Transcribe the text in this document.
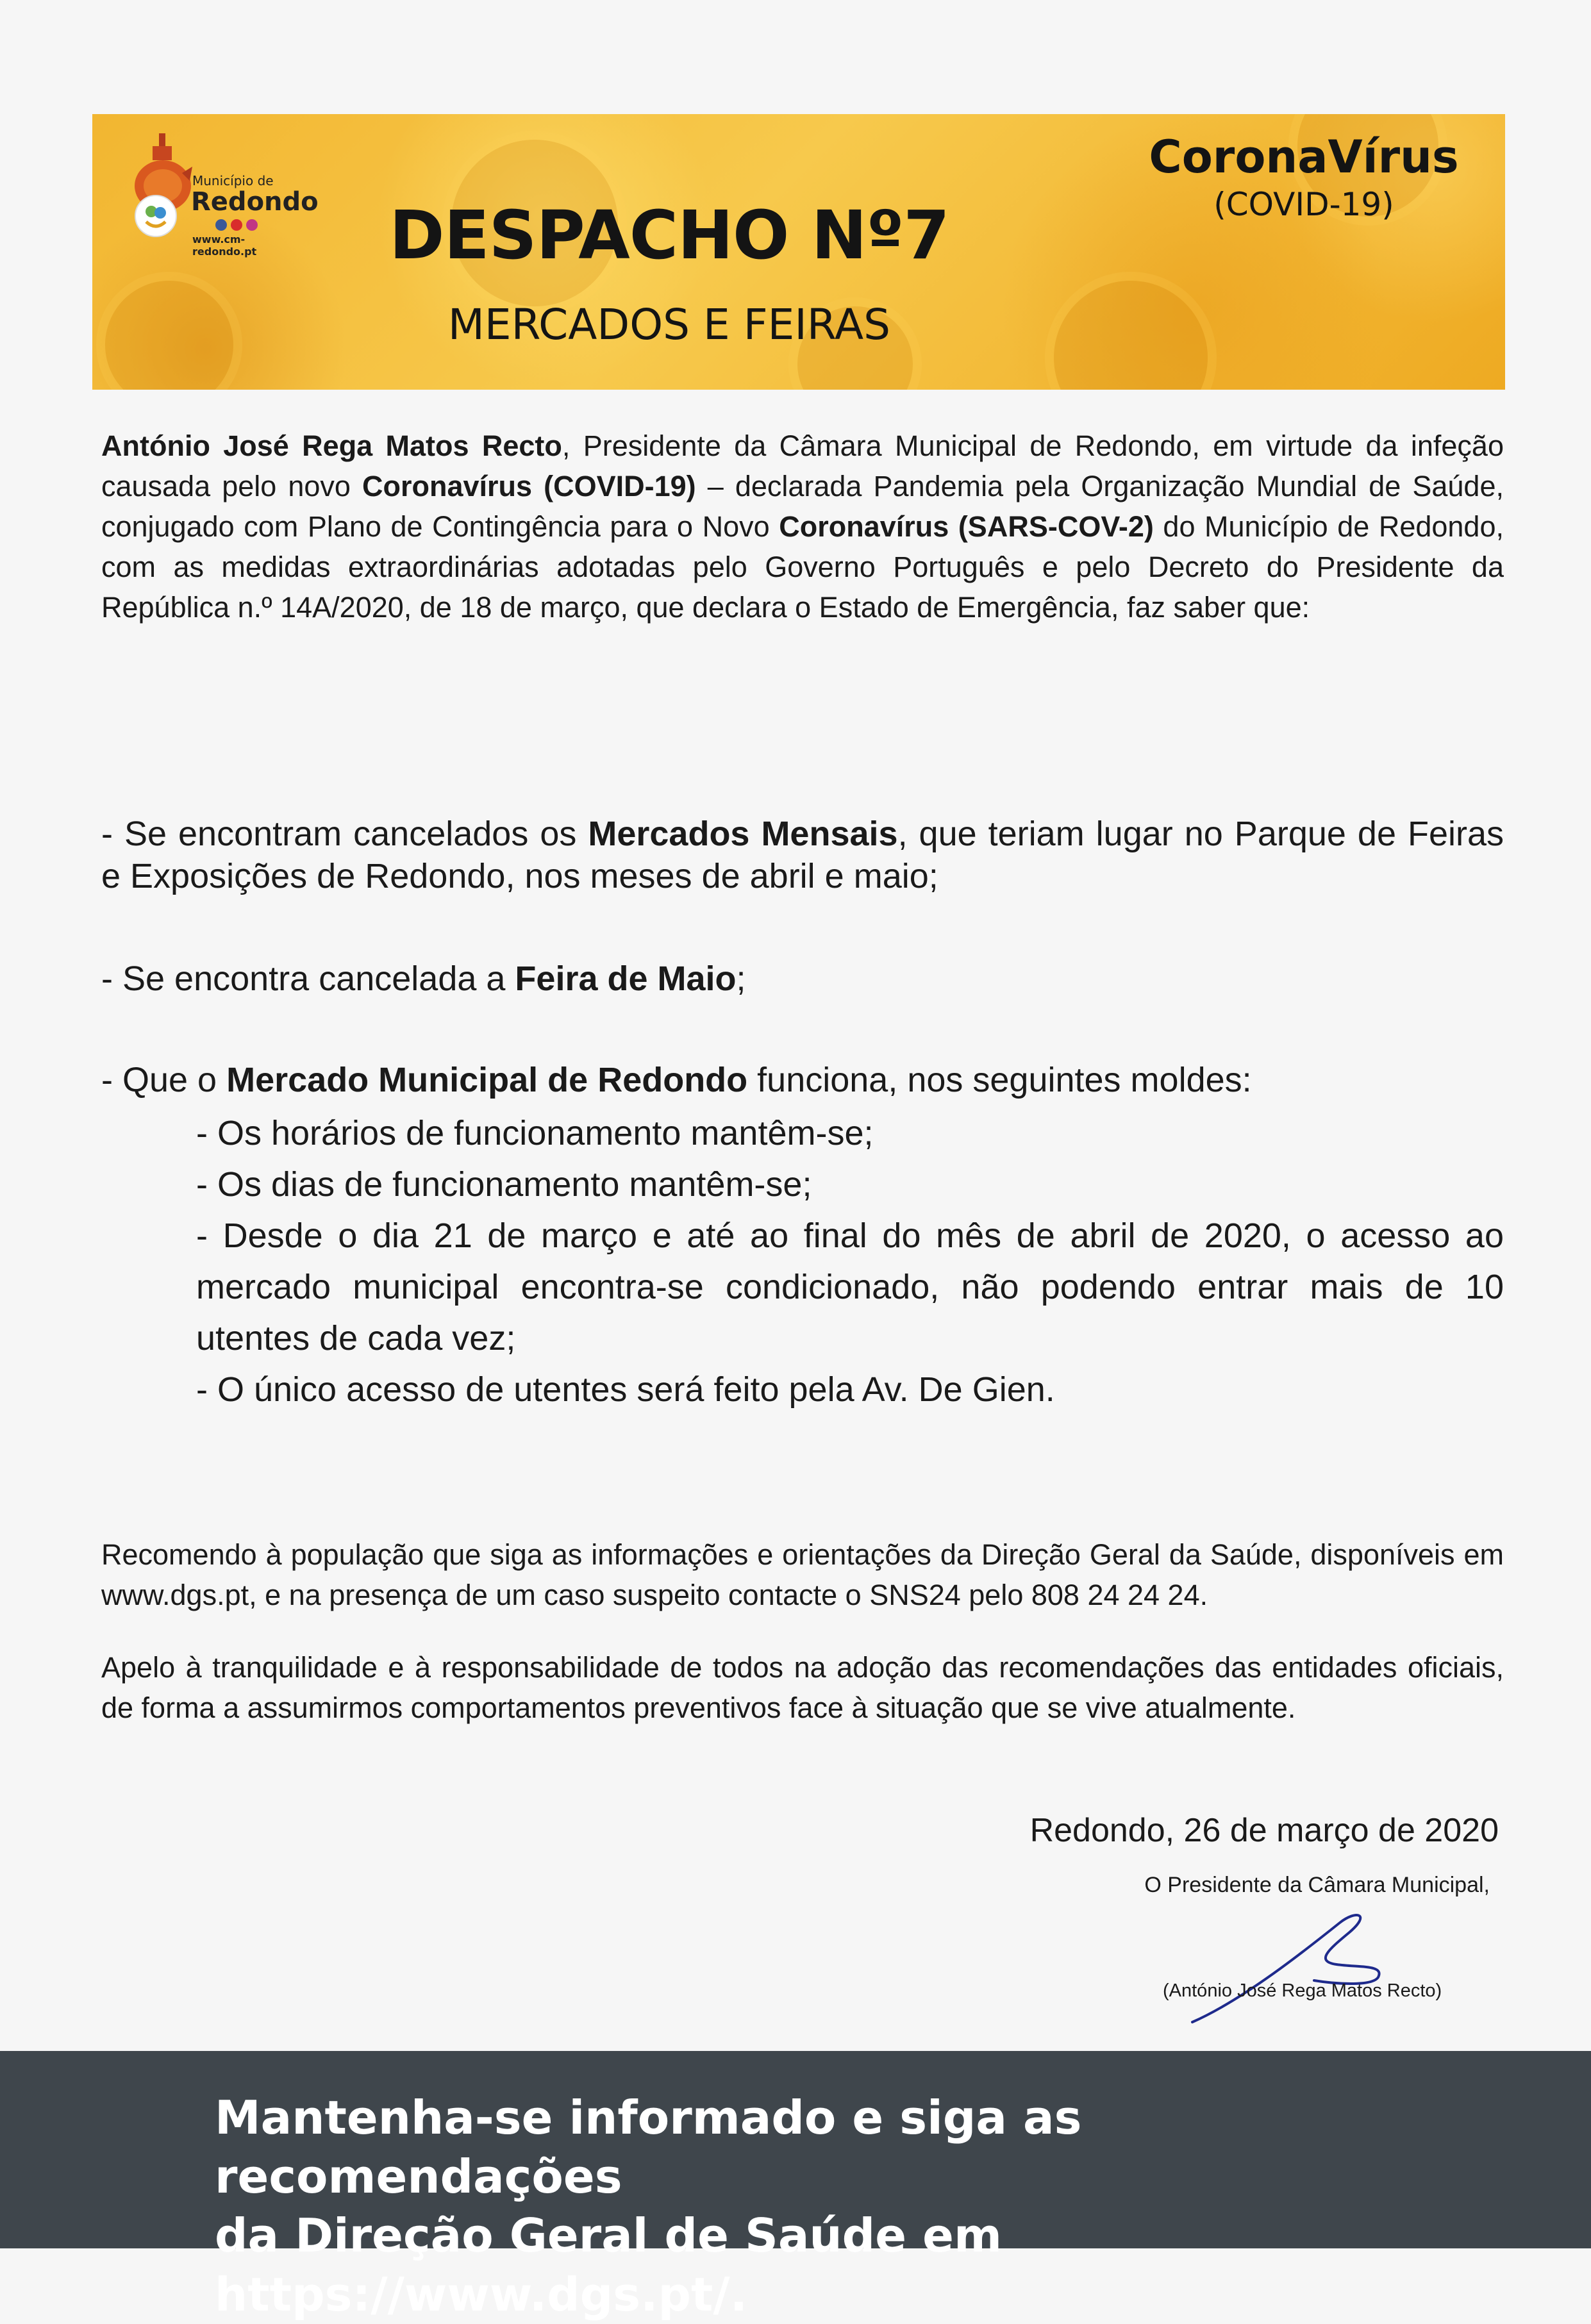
Município de
Redondo
www.cm-redondo.pt	DESPACHO Nº7
MERCADOS E FEIRAS
CoronaVírus
(COVID-19)
António José Rega Matos Recto, Presidente da Câmara Municipal de Redondo, em virtude da infeção causada pelo novo Coronavírus (COVID-19) – declarada Pandemia pela Organização Mundial de Saúde, conjugado com Plano de Contingência para o Novo Coronavírus (SARS-COV-2) do Município de Redondo, com as medidas extraordinárias adotadas pelo Governo Português e pelo Decreto do Presidente da República n.º 14A/2020, de 18 de março, que declara o Estado de Emergência, faz saber que:
- Se encontram cancelados os Mercados Mensais, que teriam lugar no Parque de Feiras e Exposições de Redondo, nos meses de abril e maio;
- Se encontra cancelada a Feira de Maio;
- Que o Mercado Municipal de Redondo funciona, nos seguintes moldes:
- Os horários de funcionamento mantêm-se;
- Os dias de funcionamento mantêm-se;
- Desde o dia 21 de março e até ao final do mês de abril de 2020, o acesso ao mercado municipal encontra-se condicionado, não podendo entrar mais de 10 utentes de cada vez;
- O único acesso de utentes será feito pela Av. De Gien.
Recomendo à população que siga as informações e orientações da Direção Geral da Saúde, disponíveis em www.dgs.pt, e na presença de um caso suspeito contacte o SNS24 pelo 808 24 24 24.
Apelo à tranquilidade e à responsabilidade de todos na adoção das recomendações das entidades oficiais, de forma a assumirmos comportamentos preventivos face à situação que se vive atualmente.
Redondo, 26 de março de 2020
O Presidente da Câmara Municipal,
(António José Rega Matos Recto)
Mantenha-se informado e siga as recomendações
da Direção Geral de Saúde em https://www.dgs.pt/.
